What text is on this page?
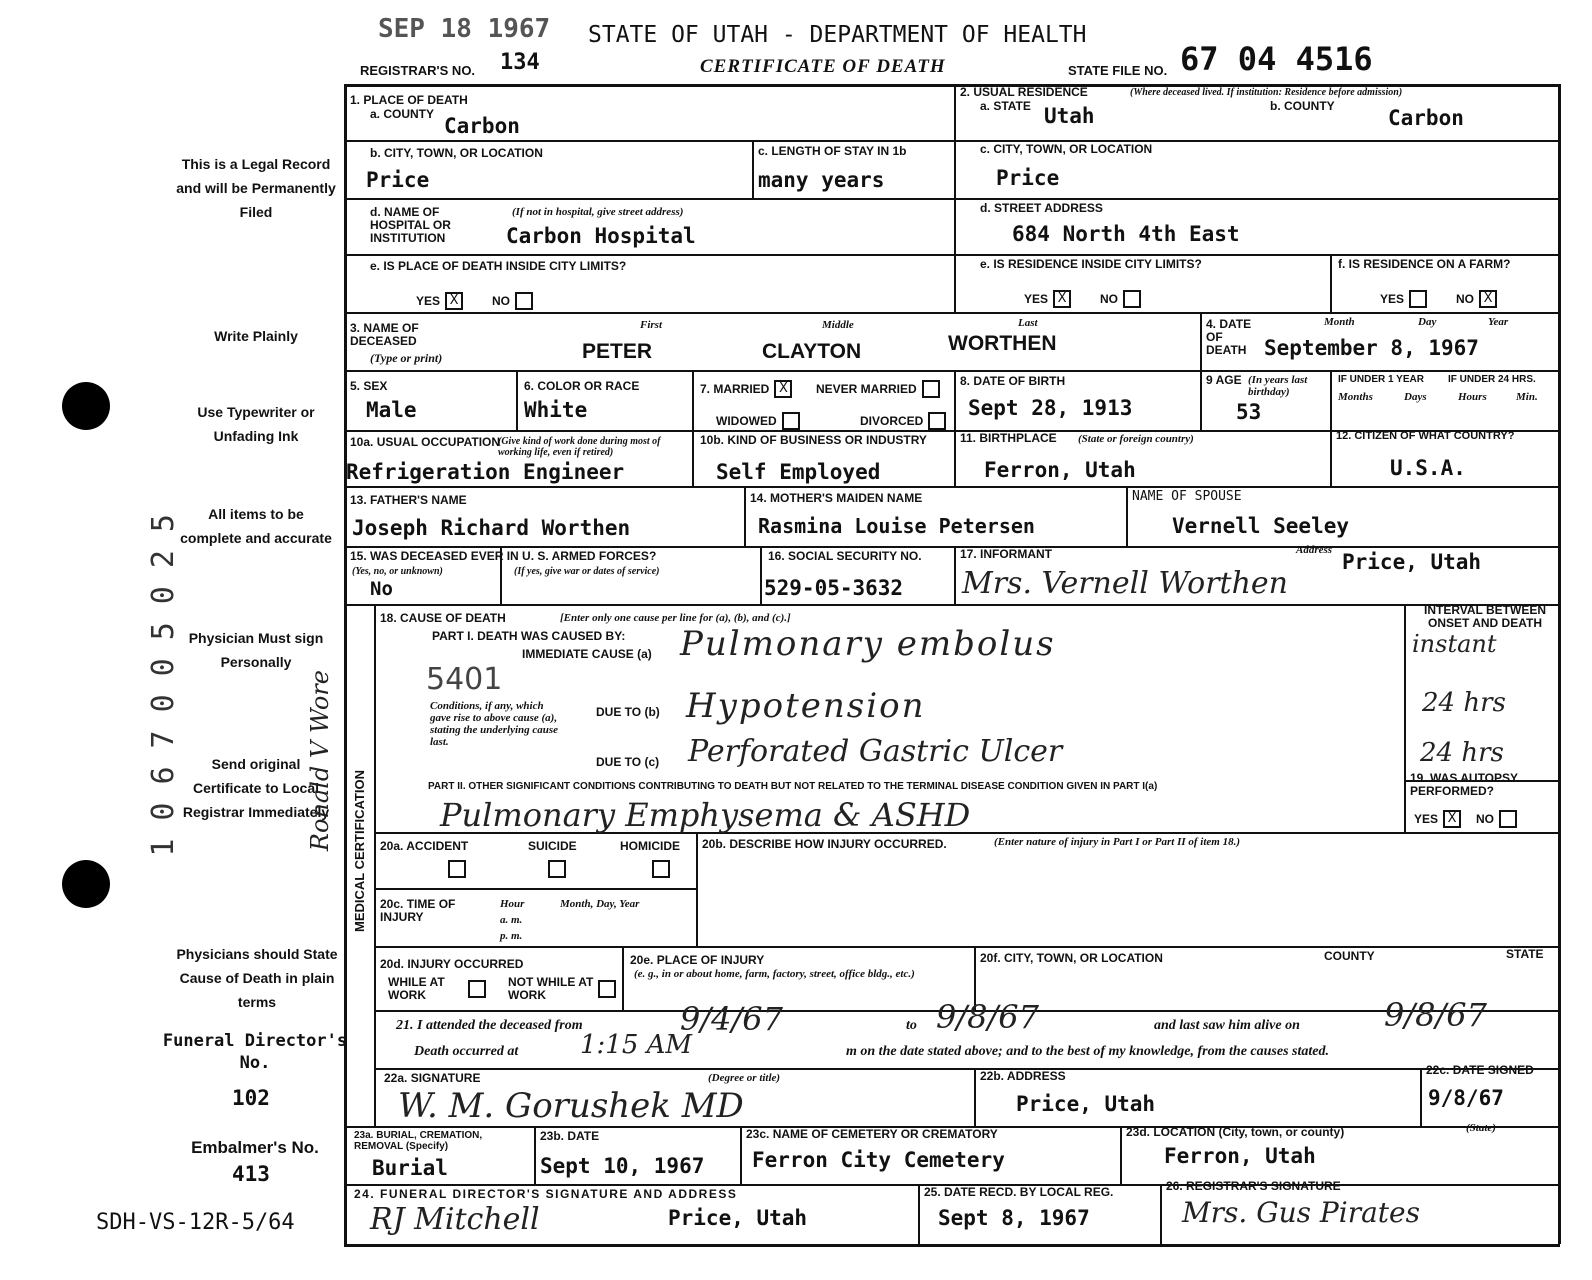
SEP 18 1967 STATE OF UTAH - DEPARTMENT OF HEALTH
REGISTRAR'S NO. 134	CERTIFICATE OF DEATH	STATE FILE NO. 67 04 4516
This is a Legal Record and will be Permanently Filed
Write Plainly
Use Typewriter or Unfading Ink
All items to be complete and accurate
Physician Must sign Personally
Send original Certificate to Local Registrar Immediately
Physicians should State Cause of Death in plain terms
Funeral Director's No.
102
Embalmer's No.
413
SDH-VS-12R-5/64
1067005025	Ronald V Wore
1. PLACE OF DEATH
a. COUNTY Carbon
2. USUAL RESIDENCE	(Where deceased lived. If institution: Residence before admission)
a. STATE Utah	b. COUNTY	Carbon
b. CITY, TOWN, OR LOCATION
Price
c. LENGTH OF STAY IN 1b
many years
c. CITY, TOWN, OR LOCATION
Price
d. NAME OF HOSPITAL OR INSTITUTION
(If not in hospital, give street address)
Carbon Hospital
d. STREET ADDRESS
684 North 4th East
e. IS PLACE OF DEATH INSIDE CITY LIMITS?
YES X	NO
e. IS RESIDENCE INSIDE CITY LIMITS?
YES X	NO
f. IS RESIDENCE ON A FARM?
YES	NO X
3. NAME OF DECEASED
(Type or print)
First	Middle	Last
PETER	CLAYTON	WORTHEN
4. DATE OF DEATH
Month	Day	Year
September 8, 1967
5. SEX
Male
6. COLOR OR RACE
White
7. MARRIED X	NEVER MARRIED
WIDOWED	DIVORCED
8. DATE OF BIRTH
Sept 28, 1913
9 AGE (In years last birthday)
53
IF UNDER 1 YEAR IF UNDER 24 HRS.
Months	Days	Hours	Min.
10a. USUAL OCCUPATION
(Give kind of work done during most of working life, even if retired)
Refrigeration Engineer
10b. KIND OF BUSINESS OR INDUSTRY
Self Employed
11. BIRTHPLACE (State or foreign country)
Ferron, Utah
12. CITIZEN OF WHAT COUNTRY?
U.S.A.
13. FATHER'S NAME
Joseph Richard Worthen
14. MOTHER'S MAIDEN NAME
Rasmina Louise Petersen
NAME OF SPOUSE
Vernell Seeley
15. WAS DECEASED EVER IN U. S. ARMED FORCES?
(Yes, no, or unknown)	(If yes, give war or dates of service)
No
16. SOCIAL SECURITY NO.
529-05-3632
17. INFORMANT	Address
Mrs. Vernell Worthen
Price, Utah
MEDICAL CERTIFICATION
18. CAUSE OF DEATH	[Enter only one cause per line for (a), (b), and (c).]
PART I. DEATH WAS CAUSED BY:
IMMEDIATE CAUSE (a) Pulmonary embolus
5401
Conditions, if any, which gave rise to above cause (a), stating the underlying cause last.
DUE TO (b) Hypotension
DUE TO (c) Perforated Gastric Ulcer
INTERVAL BETWEEN ONSET AND DEATH
instant
24 hrs
24 hrs
PART II. OTHER SIGNIFICANT CONDITIONS CONTRIBUTING TO DEATH BUT NOT RELATED TO THE TERMINAL DISEASE CONDITION GIVEN IN PART I(a)
Pulmonary Emphysema & ASHD
19. WAS AUTOPSY PERFORMED?
YES X	NO
20a. ACCIDENT	SUICIDE	HOMICIDE 20b. DESCRIBE HOW INJURY OCCURRED.	(Enter nature of injury in Part I or Part II of item 18.)
20c. TIME OF INJURY
Hour
a. m.
p. m.
Month, Day, Year
20d. INJURY OCCURRED
WHILE AT WORK
NOT WHILE AT WORK
20e. PLACE OF INJURY
(e. g., in or about home, farm, factory, street, office bldg., etc.)
20f. CITY, TOWN, OR LOCATION	COUNTY	STATE
21. I attended the deceased from	9/4/67	to 9/8/67	and last saw him alive on	9/8/67
Death occurred at 1:15 AM	m on the date stated above; and to the best of my knowledge, from the causes stated.
22a. SIGNATURE	(Degree or title)
W. M. Gorushek MD
22b. ADDRESS
Price, Utah
22c. DATE SIGNED
9/8/67
23a. BURIAL, CREMATION, REMOVAL (Specify)
Burial
23b. DATE
Sept 10, 1967
23c. NAME OF CEMETERY OR CREMATORY
Ferron City Cemetery
23d. LOCATION (City, town, or county)	(State)
Ferron, Utah
24. FUNERAL DIRECTOR'S SIGNATURE AND ADDRESS
RJ Mitchell	Price, Utah
25. DATE RECD. BY LOCAL REG.
Sept 8, 1967
26. REGISTRAR'S SIGNATURE
Mrs. Gus Pirates
